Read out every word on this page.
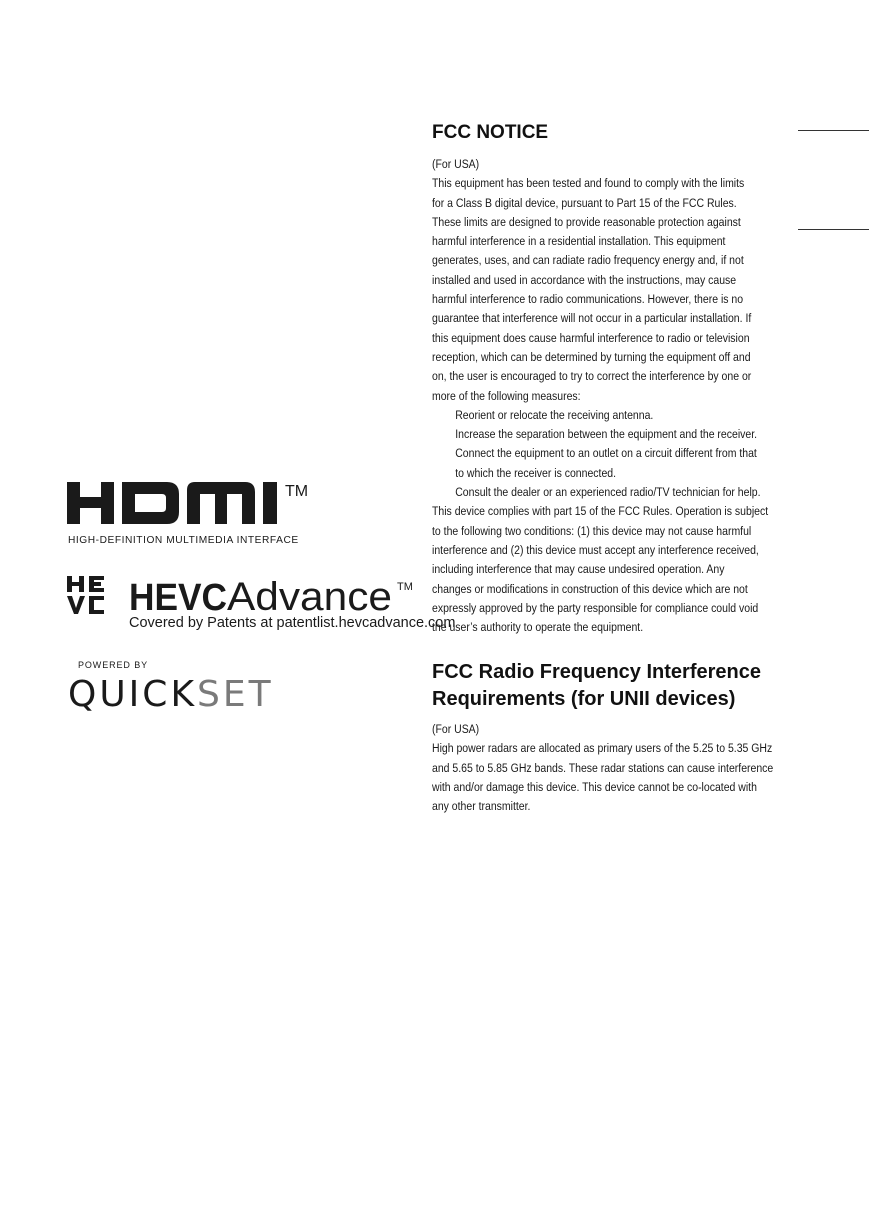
TM
HIGH-DEFINITION MULTIMEDIA INTERFACE
HEVC Advance TM
Covered by Patents at patentlist.hevcadvance.com
POWERED BY
QUICKSET
FCC NOTICE
(For USA)
This equipment has been tested and found to comply with the limits
for a Class B digital device, pursuant to Part 15 of the FCC Rules.
These limits are designed to provide reasonable protection against
harmful interference in a residential installation. This equipment
generates, uses, and can radiate radio frequency energy and, if not
installed and used in accordance with the instructions, may cause
harmful interference to radio communications. However, there is no
guarantee that interference will not occur in a particular installation. If
this equipment does cause harmful interference to radio or television
reception, which can be determined by turning the equipment off and
on, the user is encouraged to try to correct the interference by one or
more of the following measures:
Reorient or relocate the receiving antenna.
Increase the separation between the equipment and the receiver.
Connect the equipment to an outlet on a circuit different from that
to which the receiver is connected.
Consult the dealer or an experienced radio/TV technician for help.
This device complies with part 15 of the FCC Rules. Operation is subject
to the following two conditions: (1) this device may not cause harmful
interference and (2) this device must accept any interference received,
including interference that may cause undesired operation. Any
changes or modifications in construction of this device which are not
expressly approved by the party responsible for compliance could void
the user’s authority to operate the equipment.
FCC Radio Frequency Interference
Requirements (for UNII devices)
(For USA)
High power radars are allocated as primary users of the 5.25 to 5.35 GHz
and 5.65 to 5.85 GHz bands. These radar stations can cause interference
with and/or damage this device. This device cannot be co-located with
any other transmitter.
